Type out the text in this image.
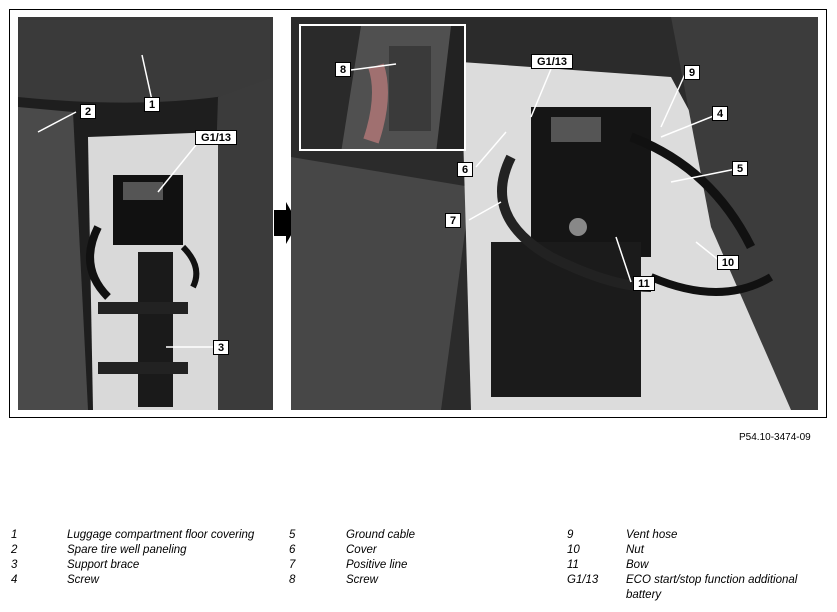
1
2
G1/13
3
8
G1/13
9
4
6	5
7
10
11
P54.10-3474-09
1	Luggage compartment floor covering
2	Spare tire well paneling
3	Support brace
4	Screw
5	Ground cable
6	Cover
7	Positive line
8	Screw
9	Vent hose
10	Nut
11	Bow
G1/13	ECO start/stop function additional battery
